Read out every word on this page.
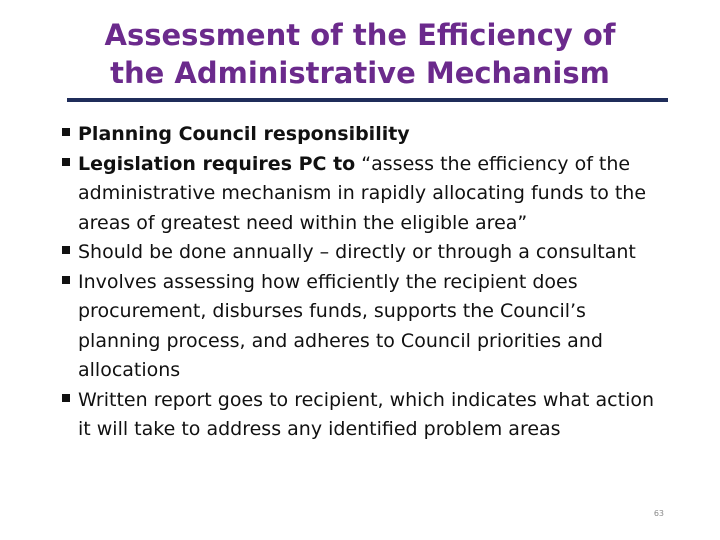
Assessment of the Efficiency of
the Administrative Mechanism
Planning Council responsibility
Legislation requires PC to “assess the efficiency of the administrative mechanism in rapidly allocating funds to the areas of greatest need within the eligible area”
Should be done annually – directly or through a consultant
Involves assessing how efficiently the recipient does procurement, disburses funds, supports the Council’s planning process, and adheres to Council priorities and allocations
Written report goes to recipient, which indicates what action it will take to address any identified problem areas
63
